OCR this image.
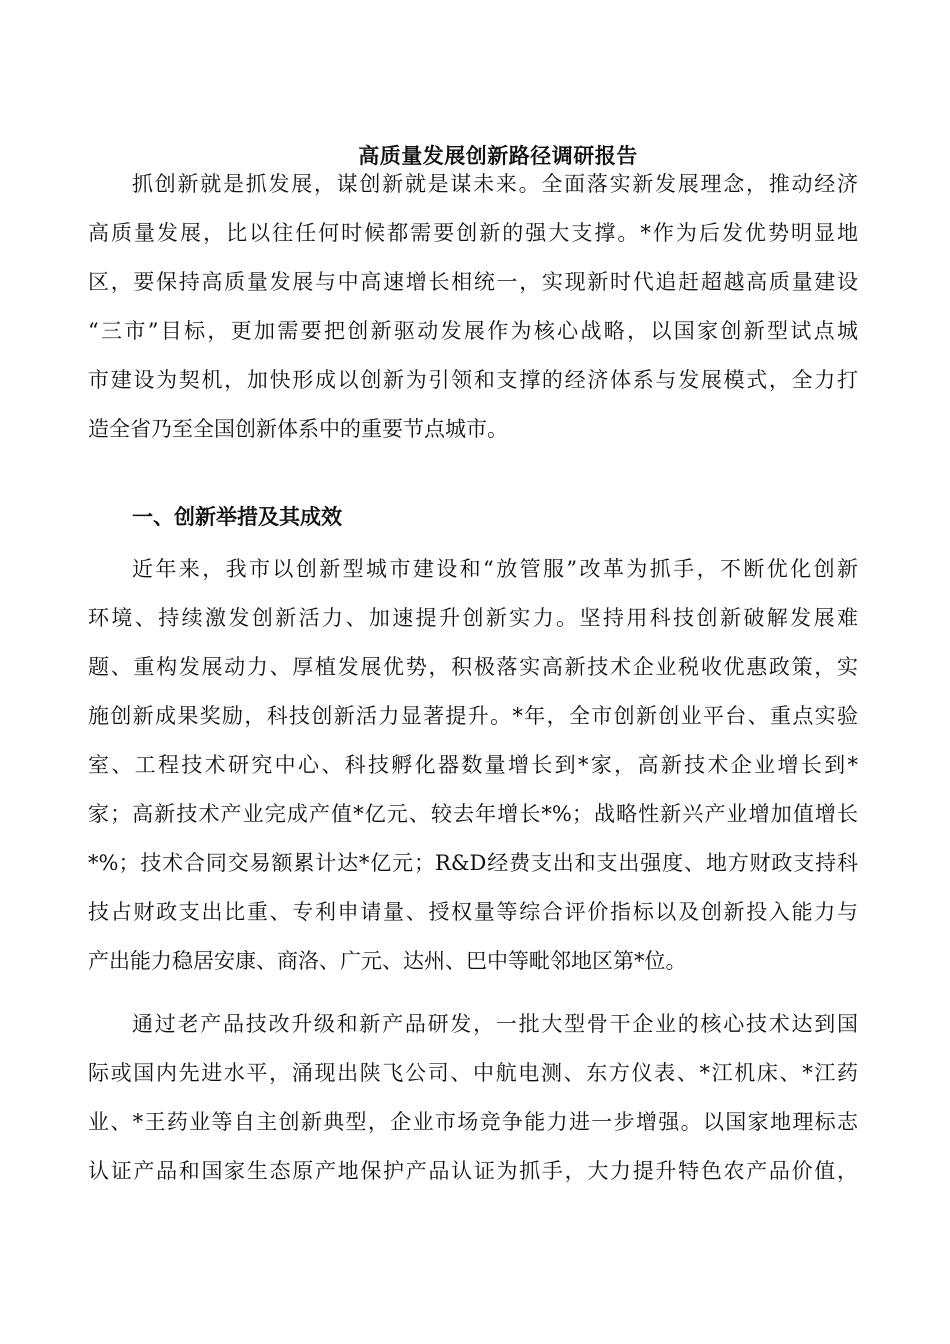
高质量发展创新路径调研报告
抓创新就是抓发展，谋创新就是谋未来。全面落实新发展理念，推动经济
高质量发展，比以往任何时候都需要创新的强大支撑。*作为后发优势明显地
区，要保持高质量发展与中高速增长相统一，实现新时代追赶超越高质量建设
“三市”目标，更加需要把创新驱动发展作为核心战略，以国家创新型试点城
市建设为契机，加快形成以创新为引领和支撑的经济体系与发展模式，全力打
造全省乃至全国创新体系中的重要节点城市。
一、创新举措及其成效
近年来，我市以创新型城市建设和“放管服”改革为抓手，不断优化创新
环境、持续激发创新活力、加速提升创新实力。坚持用科技创新破解发展难
题、重构发展动力、厚植发展优势，积极落实高新技术企业税收优惠政策，实
施创新成果奖励，科技创新活力显著提升。*年，全市创新创业平台、重点实验
室、工程技术研究中心、科技孵化器数量增长到*家，高新技术企业增长到*
家；高新技术产业完成产值*亿元、较去年增长*%；战略性新兴产业增加值增长
*%；技术合同交易额累计达*亿元；R&D经费支出和支出强度、地方财政支持科
技占财政支出比重、专利申请量、授权量等综合评价指标以及创新投入能力与
产出能力稳居安康、商洛、广元、达州、巴中等毗邻地区第*位。
通过老产品技改升级和新产品研发，一批大型骨干企业的核心技术达到国
际或国内先进水平，涌现出陕飞公司、中航电测、东方仪表、*江机床、*江药
业、*王药业等自主创新典型，企业市场竞争能力进一步增强。以国家地理标志
认证产品和国家生态原产地保护产品认证为抓手，大力提升特色农产品价值，
